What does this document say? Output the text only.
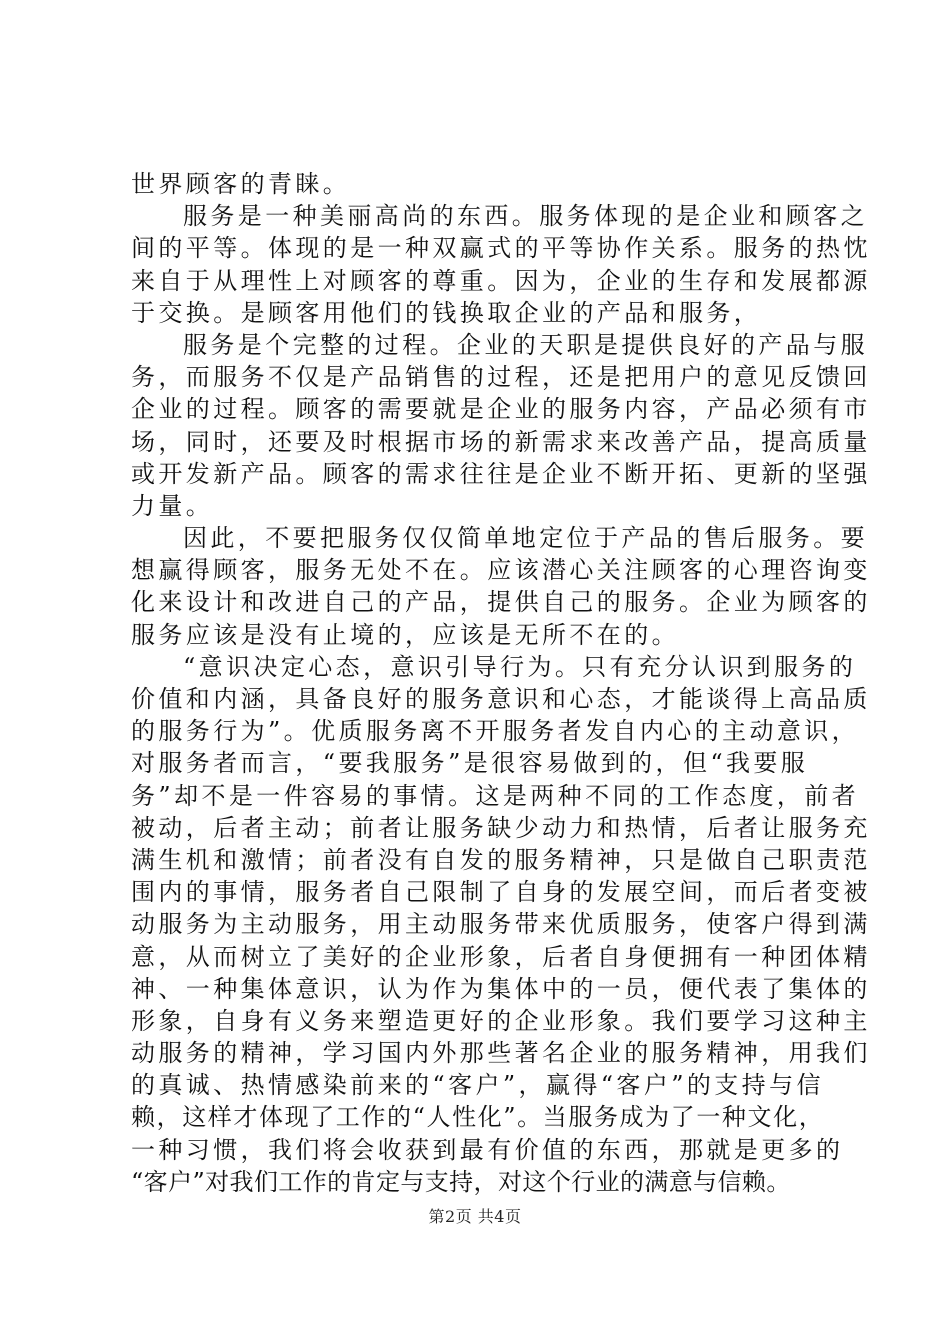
世界顾客的青睐。
服务是一种美丽高尚的东西。服务体现的是企业和顾客之
间的平等。体现的是一种双赢式的平等协作关系。服务的热忱
来自于从理性上对顾客的尊重。因为，企业的生存和发展都源
于交换。是顾客用他们的钱换取企业的产品和服务，
服务是个完整的过程。企业的天职是提供良好的产品与服
务，而服务不仅是产品销售的过程，还是把用户的意见反馈回
企业的过程。顾客的需要就是企业的服务内容，产品必须有市
场，同时，还要及时根据市场的新需求来改善产品，提高质量
或开发新产品。顾客的需求往往是企业不断开拓、更新的坚强
力量。
因此，不要把服务仅仅简单地定位于产品的售后服务。要
想赢得顾客，服务无处不在。应该潜心关注顾客的心理咨询变
化来设计和改进自己的产品，提供自己的服务。企业为顾客的
服务应该是没有止境的，应该是无所不在的。
“意识决定心态，意识引导行为。只有充分认识到服务的
价值和内涵，具备良好的服务意识和心态，才能谈得上高品质
的服务行为”。优质服务离不开服务者发自内心的主动意识，
对服务者而言，“要我服务”是很容易做到的，但“我要服
务”却不是一件容易的事情。这是两种不同的工作态度，前者
被动，后者主动；前者让服务缺少动力和热情，后者让服务充
满生机和激情；前者没有自发的服务精神，只是做自己职责范
围内的事情，服务者自己限制了自身的发展空间，而后者变被
动服务为主动服务，用主动服务带来优质服务，使客户得到满
意，从而树立了美好的企业形象，后者自身便拥有一种团体精
神、一种集体意识，认为作为集体中的一员，便代表了集体的
形象，自身有义务来塑造更好的企业形象。我们要学习这种主
动服务的精神，学习国内外那些著名企业的服务精神，用我们
的真诚、热情感染前来的“客户”，赢得“客户”的支持与信
赖，这样才体现了工作的“人性化”。当服务成为了一种文化，
一种习惯，我们将会收获到最有价值的东西，那就是更多的
“客户”对我们工作的肯定与支持，对这个行业的满意与信赖。
第2页 共4页
